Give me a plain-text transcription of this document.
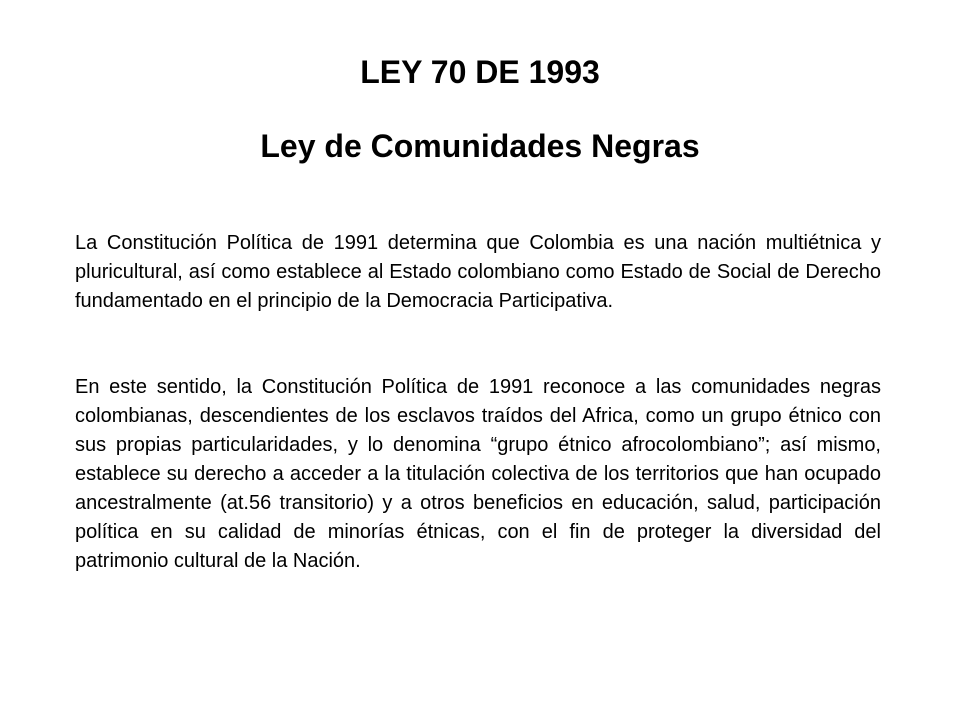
LEY 70 DE 1993
Ley de Comunidades Negras

La Constitución Política de 1991 determina que Colombia es una nación multiétnica y pluricultural, así como establece al Estado colombiano como Estado de Social de Derecho fundamentado en el principio de la Democracia Participativa.

En este sentido, la Constitución Política de 1991 reconoce a las comunidades negras colombianas, descendientes de los esclavos traídos del Africa, como un grupo étnico con sus propias particularidades, y lo denomina “grupo étnico afrocolombiano”; así mismo, establece su derecho a acceder a la titulación colectiva de los territorios que han ocupado ancestralmente (at.56 transitorio) y a otros beneficios en educación, salud, participación política en su calidad de minorías étnicas, con el fin de proteger la diversidad del patrimonio cultural de la Nación.
